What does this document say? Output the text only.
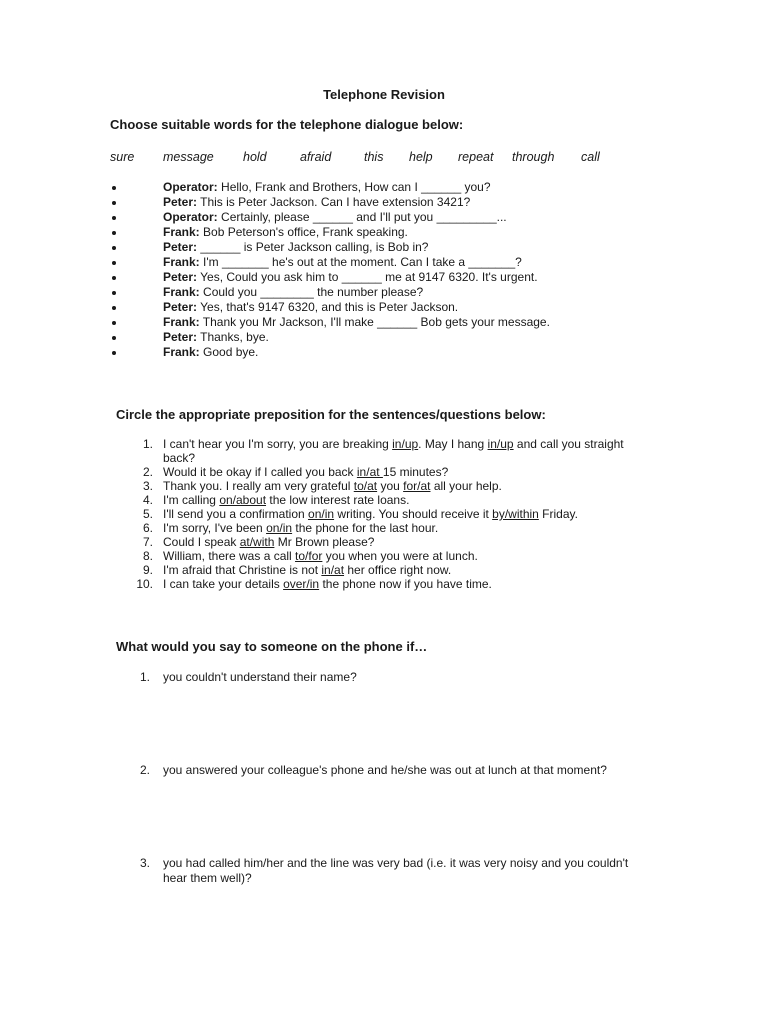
Telephone Revision
Choose suitable words for the telephone dialogue below:
sure message hold	afraid	this help repeat through call
Operator: Hello, Frank and Brothers, How can I ______ you?
Peter: This is Peter Jackson. Can I have extension 3421?
Operator: Certainly, please ______ and I'll put you _________...
Frank: Bob Peterson's office, Frank speaking.
Peter: ______ is Peter Jackson calling, is Bob in?
Frank: I'm _______ he's out at the moment. Can I take a _______?
Peter: Yes, Could you ask him to ______ me at 9147 6320. It's urgent.
Frank: Could you ________ the number please?
Peter: Yes, that's 9147 6320, and this is Peter Jackson.
Frank: Thank you Mr Jackson, I'll make ______ Bob gets your message.
Peter: Thanks, bye.
Frank: Good bye.
Circle the appropriate preposition for the sentences/questions below:
1. I can't hear you I'm sorry, you are breaking in/up. May I hang in/up and call you straight back?
2. Would it be okay if I called you back in/at 15 minutes?
3. Thank you. I really am very grateful to/at you for/at all your help.
4. I'm calling on/about the low interest rate loans.
5. I'll send you a confirmation on/in writing. You should receive it by/within Friday.
6. I'm sorry, I've been on/in the phone for the last hour.
7. Could I speak at/with Mr Brown please?
8. William, there was a call to/for you when you were at lunch.
9. I'm afraid that Christine is not in/at her office right now.
10. I can take your details over/in the phone now if you have time.
What would you say to someone on the phone if…
1. you couldn't understand their name?
2. you answered your colleague's phone and he/she was out at lunch at that moment?
3. you had called him/her and the line was very bad (i.e. it was very noisy and you couldn't hear them well)?
